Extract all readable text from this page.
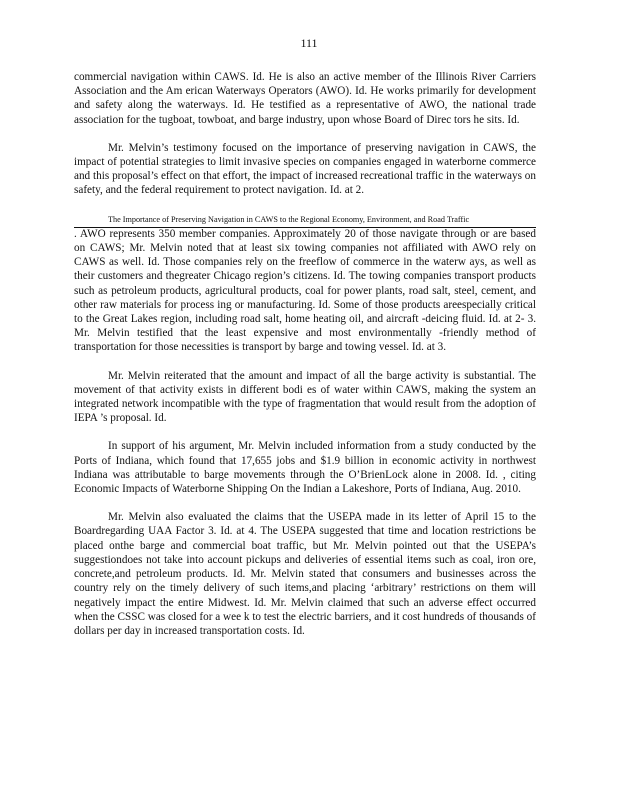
111

commercial navigation within CAWS. Id. He is also an active member of the Illinois River Carriers Association and the Am erican Waterways Operators (AWO). Id. He works primarily for development and safety along the waterways. Id. He testified as a representative of AWO, the national trade association for the tugboat, towboat, and barge industry, upon whose Board of Direc tors he sits. Id.

Mr. Melvin’s testimony focused on the importance of preserving navigation in CAWS, the impact of potential strategies to limit invasive species on companies engaged in waterborne commerce and this proposal’s effect on that effort, the impact of increased recreational traffic in the waterways on safety, and the federal requirement to protect navigation. Id. at 2.

The Importance of Preserving Navigation in CAWS to the Regional Economy, Environment, and Road Traffic
. AWO represents 350 member companies. Approximately 20 of those navigate through or are based on CAWS; Mr. Melvin noted that at least six towing companies not affiliated with AWO rely on CAWS as well. Id. Those companies rely on the freeflow of commerce in the waterw ays, as well as their customers and thegreater Chicago region’s citizens. Id. The towing companies transport products such as petroleum products, agricultural products, coal for power plants, road salt, steel, cement, and other raw materials for process ing or manufacturing. Id. Some of those products areespecially critical to the Great Lakes region, including road salt, home heating oil, and aircraft -deicing fluid. Id. at 2- 3. Mr. Melvin testified that the least expensive and most environmentally -friendly method of transportation for those necessities is transport by barge and towing vessel. Id. at 3.

Mr. Melvin reiterated that the amount and impact of all the barge activity is substantial. The movement of that activity exists in different bodi es of water within CAWS, making the system an integrated network incompatible with the type of fragmentation that would result from the adoption of IEPA ’s proposal. Id.

In support of his argument, Mr. Melvin included information from a study conducted by the Ports of Indiana, which found that 17,655 jobs and $1.9 billion in economic activity in northwest Indiana was attributable to barge movements through the O’BrienLock alone in 2008. Id. , citing Economic Impacts of Waterborne Shipping On the Indian a Lakeshore, Ports of Indiana, Aug. 2010.

Mr. Melvin also evaluated the claims that the USEPA made in its letter of April 15 to the Boardregarding UAA Factor 3. Id. at 4. The USEPA suggested that time and location restrictions be placed onthe barge and commercial boat traffic, but Mr. Melvin pointed out that the USEPA’s suggestiondoes not take into account pickups and deliveries of essential items such as coal, iron ore, concrete,and petroleum products. Id. Mr. Melvin stated that consumers and businesses across the country rely on the timely delivery of such items,and placing ‘arbitrary’ restrictions on them will negatively impact the entire Midwest. Id. Mr. Melvin claimed that such an adverse effect occurred when the CSSC was closed for a wee k to test the electric barriers, and it cost hundreds of thousands of dollars per day in increased transportation costs. Id.
